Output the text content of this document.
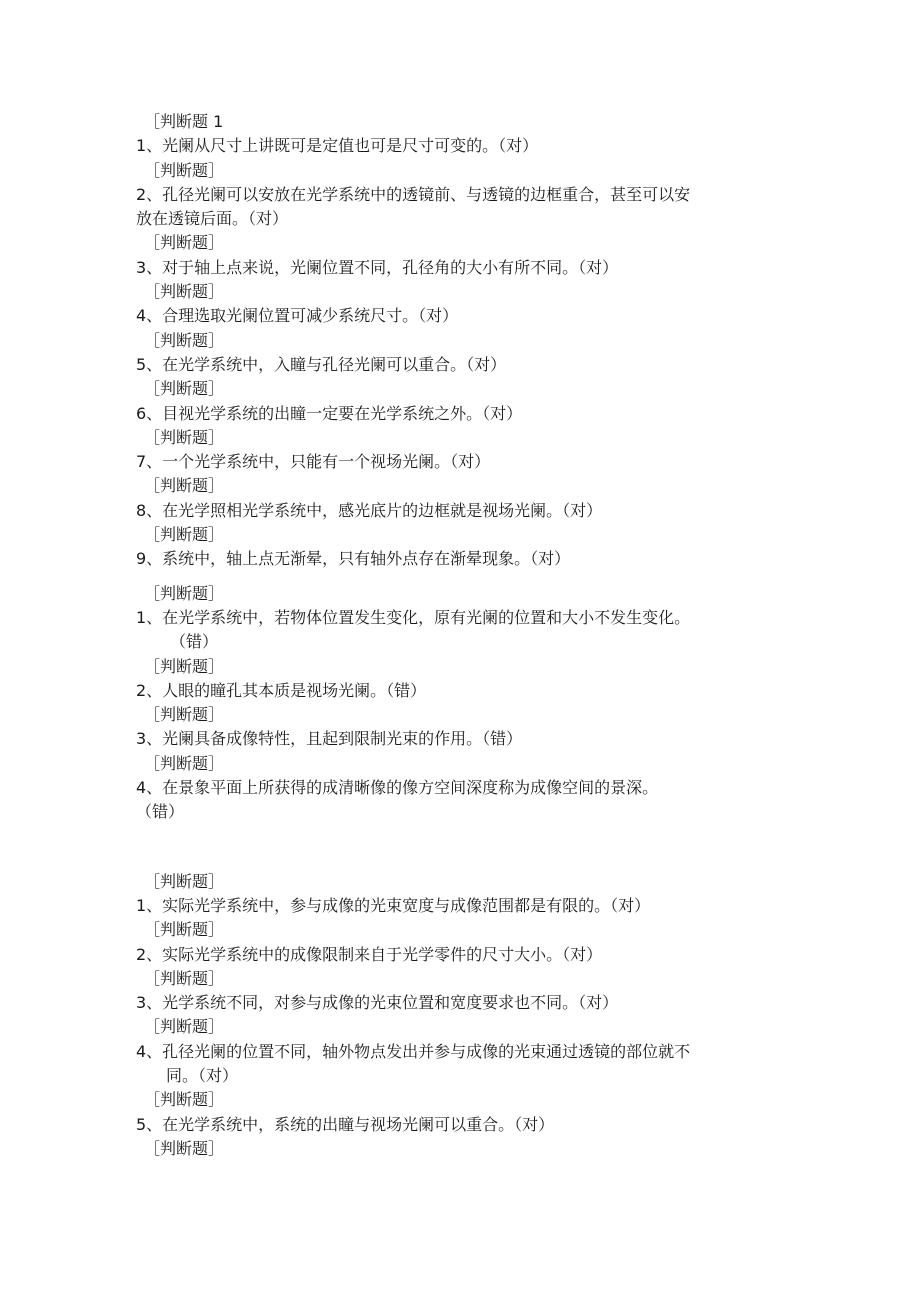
［判断题 1
1、光阑从尺寸上讲既可是定值也可是尺寸可变的。（对）
［判断题］
2、孔径光阑可以安放在光学系统中的透镜前、与透镜的边框重合，甚至可以安
放在透镜后面。（对）
［判断题］
3、对于轴上点来说，光阑位置不同，孔径角的大小有所不同。（对）
［判断题］
4、合理选取光阑位置可减少系统尺寸。（对）
［判断题］
5、在光学系统中，入瞳与孔径光阑可以重合。（对）
［判断题］
6、目视光学系统的出瞳一定要在光学系统之外。（对）
［判断题］
7、一个光学系统中，只能有一个视场光阑。（对）
［判断题］
8、在光学照相光学系统中，感光底片的边框就是视场光阑。（对）
［判断题］
9、系统中，轴上点无渐晕，只有轴外点存在渐晕现象。（对）
［判断题］
1、在光学系统中，若物体位置发生变化，原有光阑的位置和大小不发生变化。
（错）
［判断题］
2、人眼的瞳孔其本质是视场光阑。（错）
［判断题］
3、光阑具备成像特性，且起到限制光束的作用。（错）
［判断题］
4、在景象平面上所获得的成清晰像的像方空间深度称为成像空间的景深。
（错）
［判断题］
1、实际光学系统中，参与成像的光束宽度与成像范围都是有限的。（对）
［判断题］
2、实际光学系统中的成像限制来自于光学零件的尺寸大小。（对）
［判断题］
3、光学系统不同，对参与成像的光束位置和宽度要求也不同。（对）
［判断题］
4、孔径光阑的位置不同，轴外物点发出并参与成像的光束通过透镜的部位就不
同。（对）
［判断题］
5、在光学系统中，系统的出瞳与视场光阑可以重合。（对）
［判断题］
